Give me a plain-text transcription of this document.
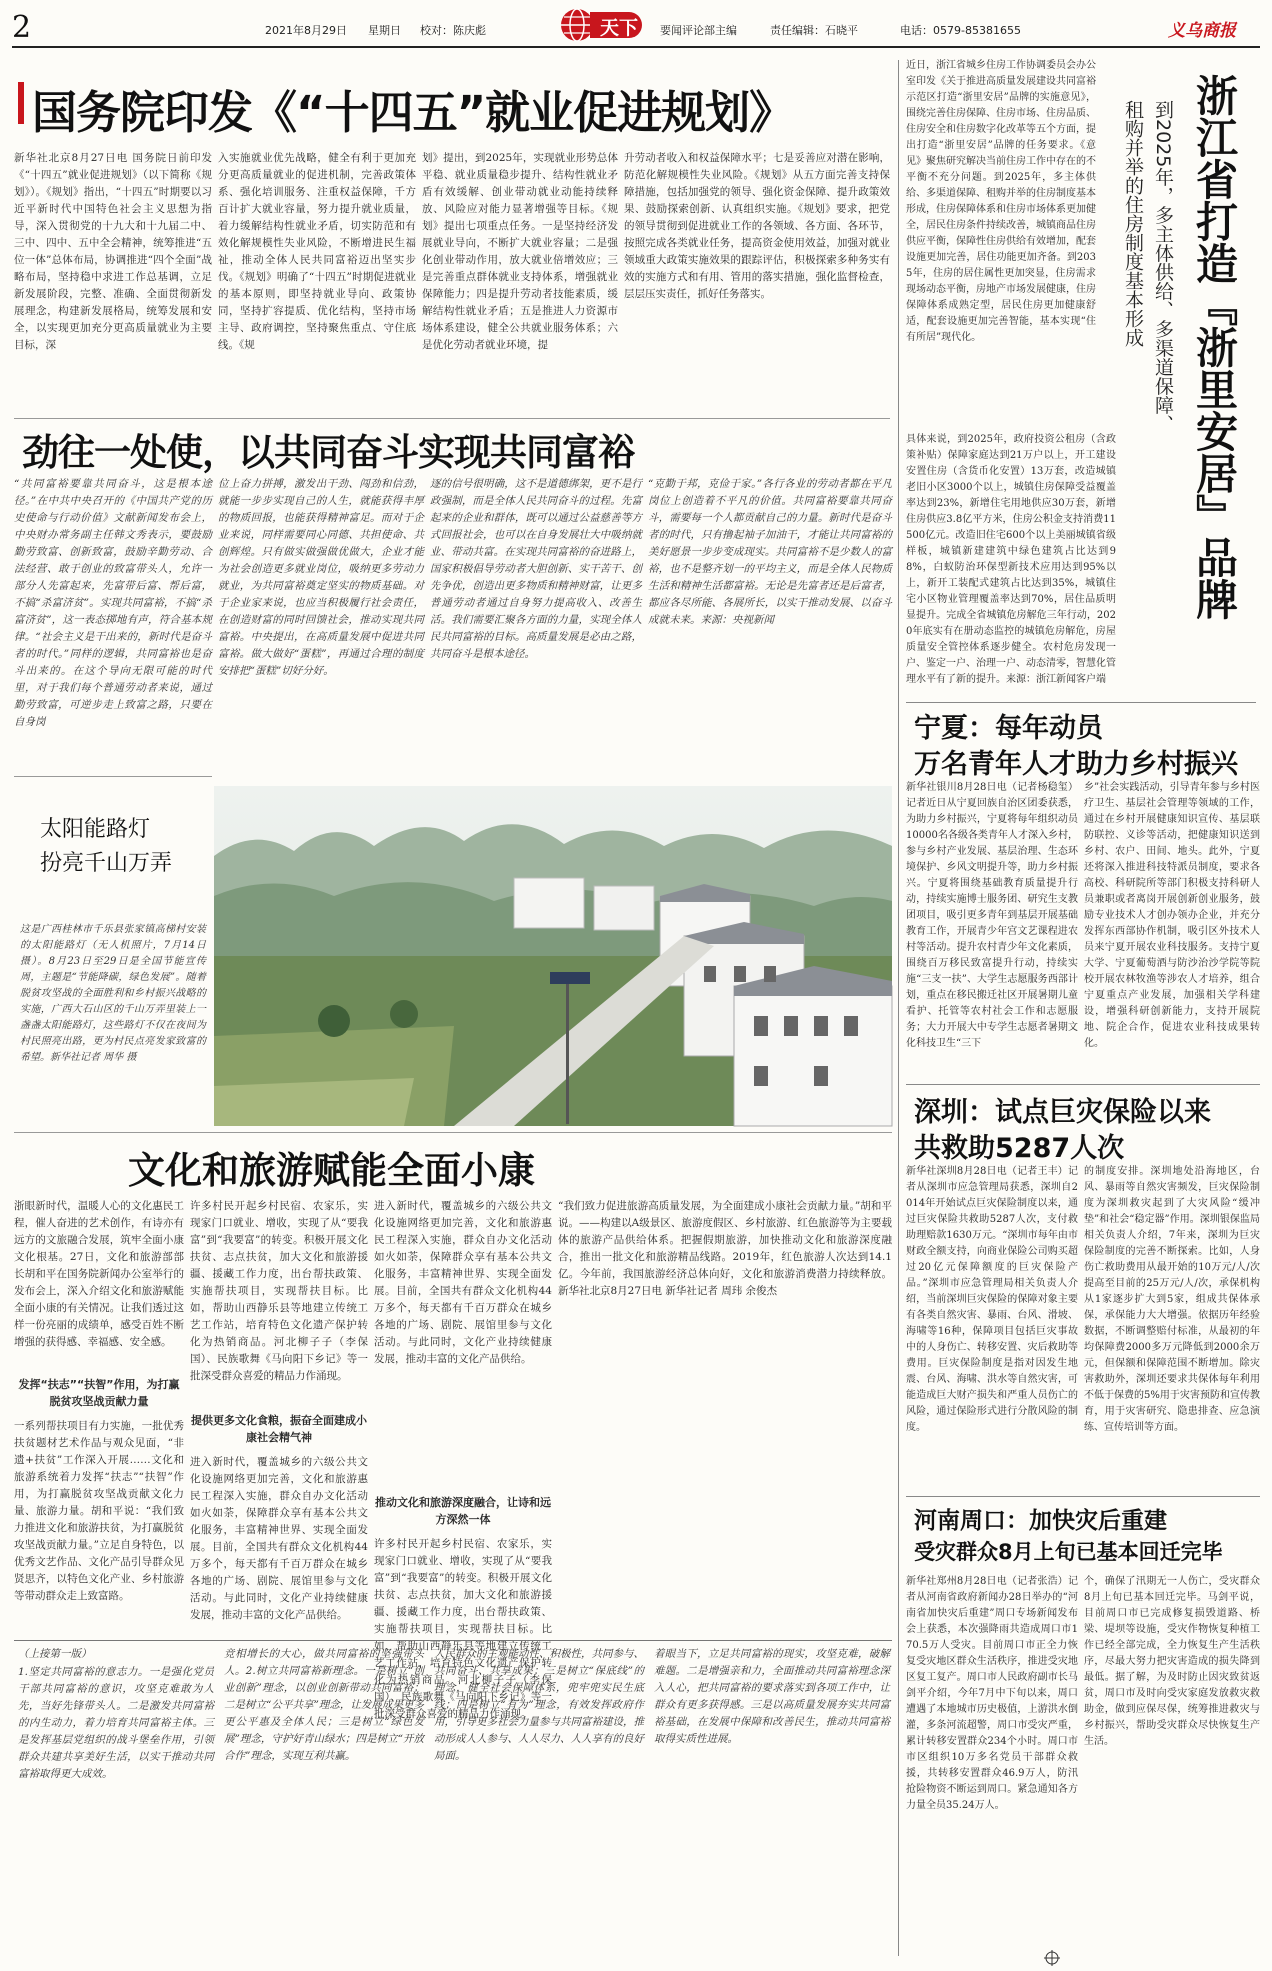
2	2021年8月29日 星期日 校对：陈庆彪	天下 要闻评论部主编	责任编辑：石晓平	电话：0579-85381655	义乌商报
国务院印发《“十四五”就业促进规划》
新华社北京8月27日电 国务院日前印发《“十四五”就业促进规划》（以下简称《规划》）。《规划》指出，“十四五”时期要以习近平新时代中国特色社会主义思想为指导，深入贯彻党的十九大和十九届二中、三中、四中、五中全会精神，统筹推进“五位一体”总体布局，协调推进“四个全面”战略布局，坚持稳中求进工作总基调，立足新发展阶段，完整、准确、全面贯彻新发展理念，构建新发展格局，统筹发展和安全，以实现更加充分更高质量就业为主要目标，深
入实施就业优先战略，健全有利于更加充分更高质量就业的促进机制，完善政策体系、强化培训服务、注重权益保障，千方百计扩大就业容量，努力提升就业质量，着力缓解结构性就业矛盾，切实防范和有效化解规模性失业风险，不断增进民生福祉，推动全体人民共同富裕迈出坚实步伐。《规划》明确了“十四五”时期促进就业的基本原则，即坚持就业导向、政策协同，坚持扩容提质、优化结构，坚持市场主导、政府调控，坚持聚焦重点、守住底线。《规
划》提出，到2025年，实现就业形势总体平稳、就业质量稳步提升、结构性就业矛盾有效缓解、创业带动就业动能持续释放、风险应对能力显著增强等目标。《规划》提出七项重点任务。一是坚持经济发展就业导向，不断扩大就业容量；二是强化创业带动作用，放大就业倍增效应；三是完善重点群体就业支持体系，增强就业保障能力；四是提升劳动者技能素质，缓解结构性就业矛盾；五是推进人力资源市场体系建设，健全公共就业服务体系；六是优化劳动者就业环境，提
升劳动者收入和权益保障水平；七是妥善应对潜在影响，防范化解规模性失业风险。《规划》从五方面完善支持保障措施，包括加强党的领导、强化资金保障、提升政策效果、鼓励探索创新、认真组织实施。《规划》要求，把党的领导贯彻到促进就业工作的各领域、各方面、各环节，按照完成各类就业任务，提高资金使用效益，加强对就业领域重大政策实施效果的跟踪评估，积极探索多种务实有效的实施方式和有用、管用的落实措施，强化监督检查，层层压实责任，抓好任务落实。
劲往一处使，以共同奋斗实现共同富裕
“共同富裕要靠共同奋斗，这是根本途径。”在中共中央召开的《中国共产党的历史使命与行动价值》文献新闻发布会上，中央财办常务副主任韩文秀表示，要鼓励勤劳致富、创新致富，鼓励辛勤劳动、合法经营、敢于创业的致富带头人，允许一部分人先富起来，先富带后富、帮后富，不搞“杀富济贫”。实现共同富裕，不搞“杀富济贫”，这一表态掷地有声，符合基本规律。“社会主义是干出来的，新时代是奋斗者的时代。”同样的逻辑，共同富裕也是奋斗出来的。在这个导向无限可能的时代里，对于我们每个普通劳动者来说，通过勤劳致富，可逆步走上致富之路，只要在自身岗
位上奋力拼搏，激发出干劲、闯劲和信劲，就能一步步实现自己的人生，就能获得丰厚的物质回报，也能获得精神富足。而对于企业来说，同样需要同心同德、共担使命、共创辉煌。只有做实做强做优做大，企业才能为社会创造更多就业岗位，吸纳更多劳动力就业，为共同富裕奠定坚实的物质基础。对于企业家来说，也应当积极履行社会责任，在创造财富的同时回馈社会，推动实现共同富裕。中央提出，在高质量发展中促进共同富裕。做大做好“蛋糕”，再通过合理的制度安排把“蛋糕”切好分好。
逐的信号很明确，这不是道德绑架，更不是行政强制，而是全体人民共同奋斗的过程。先富起来的企业和群体，既可以通过公益慈善等方式回报社会，也可以在自身发展壮大中吸纳就业、带动共富。在实现共同富裕的奋进路上，国家积极倡导劳动者大胆创新、实干苦干、创先争优，创造出更多物质和精神财富，让更多普通劳动者通过自身努力提高收入、改善生活。我们需要汇聚各方面的力量，实现全体人民共同富裕的目标。高质量发展是必由之路，共同奋斗是根本途径。
“克勤于邦，克俭于家。”各行各业的劳动者都在平凡岗位上创造着不平凡的价值。共同富裕要靠共同奋斗，需要每一个人都贡献自己的力量。新时代是奋斗者的时代，只有撸起袖子加油干，才能让共同富裕的美好愿景一步步变成现实。共同富裕不是少数人的富裕，也不是整齐划一的平均主义，而是全体人民物质生活和精神生活都富裕。无论是先富者还是后富者，都应各尽所能、各展所长，以实干推动发展、以奋斗成就未来。来源：央视新闻
太阳能路灯
扮亮千山万弄
这是广西桂林市千乐县张家镇高梯村安装的太阳能路灯（无人机照片，7月14日摄）。8月23日至29日是全国节能宣传周，主题是“节能降碳，绿色发展”。随着脱贫攻坚战的全面胜利和乡村振兴战略的实施，广西大石山区的千山万弄里装上一盏盏太阳能路灯，这些路灯不仅在夜间为村民照亮出路，更为村民点亮发家致富的希望。新华社记者 周华 摄
文化和旅游赋能全面小康
浙眼新时代，温暖人心的文化惠民工程，催人奋进的艺术创作，有诗亦有远方的文旅融合发展，筑牢全面小康文化根基。27日，文化和旅游部部长胡和平在国务院新闻办公室举行的发布会上，深入介绍文化和旅游赋能全面小康的有关情况。让我们透过这样一份亮丽的成绩单，感受百姓不断增强的获得感、幸福感、安全感。
发挥“扶志”“扶智”作用，为打赢脱贫攻坚战贡献力量
一系列帮扶项目有力实施，一批优秀扶贫题材艺术作品与观众见面，“非遗+扶贫”工作深入开展……文化和旅游系统着力发挥“扶志”“扶智”作用，为打赢脱贫攻坚战贡献文化力量、旅游力量。胡和平说：“我们致力推进文化和旅游扶贫，为打赢脱贫攻坚战贡献力量。”立足自身特色，以优秀文艺作品、文化产品引导群众见贤思齐，以特色文化产业、乡村旅游等带动群众走上致富路。
许多村民开起乡村民宿、农家乐，实现家门口就业、增收，实现了从“要我富”到“我要富”的转变。积极开展文化扶贫、志点扶贫，加大文化和旅游援疆、援藏工作力度，出台帮扶政策、实施帮扶项目，实现帮扶目标。比如，帮助山西静乐县等地建立传统工艺工作站，培育特色文化遗产保护转化为热销商品。河北柳子子（李保国）、民族歌舞《马向阳下乡记》等一批深受群众喜爱的精品力作涌现。
提供更多文化食粮，振奋全面建成小康社会精气神
进入新时代，覆盖城乡的六级公共文化设施网络更加完善，文化和旅游惠民工程深入实施，群众自办文化活动如火如荼，保障群众享有基本公共文化服务，丰富精神世界、实现全面发展。目前，全国共有群众文化机构44万多个，每天都有千百万群众在城乡各地的广场、剧院、展馆里参与文化活动。与此同时，文化产业持续健康发展，推动丰富的文化产品供给。
进入新时代，覆盖城乡的六级公共文化设施网络更加完善，文化和旅游惠民工程深入实施，群众自办文化活动如火如荼，保障群众享有基本公共文化服务，丰富精神世界、实现全面发展。目前，全国共有群众文化机构44万多个，每天都有千百万群众在城乡各地的广场、剧院、展馆里参与文化活动。与此同时，文化产业持续健康发展，推动丰富的文化产品供给。
推动文化和旅游深度融合，让诗和远方深然一体
许多村民开起乡村民宿、农家乐，实现家门口就业、增收，实现了从“要我富”到“我要富”的转变。积极开展文化扶贫、志点扶贫，加大文化和旅游援疆、援藏工作力度，出台帮扶政策、实施帮扶项目，实现帮扶目标。比如，帮助山西静乐县等地建立传统工艺工作站，培育特色文化遗产保护转化为热销商品。河北柳子子（李保国）、民族歌舞《马向阳下乡记》等一批深受群众喜爱的精品力作涌现。
“我们致力促进旅游高质量发展，为全面建成小康社会贡献力量。”胡和平说。——构建以A级景区、旅游度假区、乡村旅游、红色旅游等为主要载体的旅游产品供给体系。把握假期旅游，加快推动文化和旅游深度融合，推出一批文化和旅游精品线路。2019年，红色旅游人次达到14.1亿。今年前，我国旅游经济总体向好，文化和旅游消费潜力持续释放。新华社北京8月27日电 新华社记者 周玮 余俊杰
（上接第一版）
1.坚定共同富裕的意志力。一是强化党员干部共同富裕的意识，攻坚克难敢为人先，当好先锋带头人。二是激发共同富裕的内生动力，着力培育共同富裕主体。三是发挥基层党组织的战斗堡垒作用，引领群众共建共享美好生活，以实干推动共同富裕取得更大成效。
竞相增长的大心，做共同富裕的坚强带头人。2.树立共同富裕新理念。一是树立“创业创新”理念，以创业创新带动共同富裕；二是树立“公平共享”理念，让发展成果更多更公平惠及全体人民；三是树立“绿色发展”理念，守护好青山绿水；四是树立“开放合作”理念，实现互利共赢。
人民群众的主观能动性、积极性，共同参与、共同奋斗、共享成果；三是树立“保底线”的理念，健全社会保障体系，兜牢兜实民生底线；四是树立“有为”理念，有效发挥政府作用，引导更多社会力量参与共同富裕建设，推动形成人人参与、人人尽力、人人享有的良好局面。
着眼当下，立足共同富裕的现实，攻坚克难，破解难题。二是增强亲和力，全面推动共同富裕理念深入人心，把共同富裕的要求落实到各项工作中，让群众有更多获得感。三是以高质量发展夯实共同富裕基础，在发展中保障和改善民生，推动共同富裕取得实质性进展。
近日，浙江省城乡住房工作协调委员会办公室印发《关于推进高质量发展建设共同富裕示范区打造“浙里安居”品牌的实施意见》，围绕完善住房保障、住房市场、住房品质、住房安全和住房数字化改革等五个方面，提出打造“浙里安居”品牌的任务要求。《意见》聚焦研究解决当前住房工作中存在的不平衡不充分问题。到2025年，多主体供给、多渠道保障、租购并举的住房制度基本形成，住房保障体系和住房市场体系更加健全，居民住房条件持续改善，城镇商品住房供应平衡，保障性住房供给有效增加，配套设施更加完善，居住功能更加齐备。到2035年，住房的居住属性更加突显，住房需求现场动态平衡，房地产市场发展健康，住房保障体系成熟定型，居民住房更加健康舒适，配套设施更加完善智能，基本实现“住有所居”现代化。
具体来说，到2025年，政府投资公租房（含政策补贴）保障家庭达到21万户以上，开工建设安置住房（含货币化安置）13万套，改造城镇老旧小区3000个以上，城镇住房保障受益覆盖率达到23%，新增住宅用地供应30万套，新增住房供应3.8亿平方米，住房公积金支持消费11500亿元。改造旧住宅600个以上美丽城镇省级样板，城镇新建建筑中绿色建筑占比达到98%，白蚁防治环保型新技术应用达到95%以上，新开工装配式建筑占比达到35%，城镇住宅小区物业管理覆盖率达到70%，居住品质明显提升。完成全省城镇危房解危三年行动，2020年底实有在册动态监控的城镇危房解危，房屋质量安全管控体系逐步健全。农村危房发现一户、鉴定一户、治理一户、动态清零，智慧化管理水平有了新的提升。来源：浙江新闻客户端
到2025年，多主体供给、多渠道保障、
租购并举的住房制度基本形成	浙江省打造『浙里安居』品牌
宁夏：每年动员
万名青年人才助力乡村振兴
新华社银川8月28日电（记者杨稳玺）记者近日从宁夏回族自治区团委获悉，为助力乡村振兴，宁夏将每年组织动员10000名各级各类青年人才深入乡村，参与乡村产业发展、基层治理、生态环境保护、乡风文明提升等，助力乡村振兴。宁夏将围绕基础教育质量提升行动，持续实施博士服务团、研究生支教团项目，吸引更多青年到基层开展基础教育工作，开展青少年宫文艺课程进农村等活动。提升农村青少年文化素质，围绕百万移民致富提升行动，持续实施“三支一扶”、大学生志愿服务西部计划，重点在移民搬迁社区开展暑期儿童看护、托管等农村社会工作和志愿服务；大力开展大中专学生志愿者暑期文化科技卫生“三下
乡”社会实践活动，引导青年参与乡村医疗卫生、基层社会管理等领域的工作，通过在乡村开展健康知识宣传、基层联防联控、义诊等活动，把健康知识送到乡村、农户、田间、地头。此外，宁夏还将深入推进科技特派员制度，要求各高校、科研院所等部门积极支持科研人员兼职或者离岗开展创新创业服务，鼓励专业技术人才创办领办企业，并充分发挥东西部协作机制，吸引区外技术人员来宁夏开展农业科技服务。支持宁夏大学、宁夏葡萄酒与防沙治沙学院等院校开展农林牧渔等涉农人才培养，组合宁夏重点产业发展，加强相关学科建设，增强科研创新能力，支持开展院地、院企合作，促进农业科技成果转化。
深圳：试点巨灾保险以来
共救助5287人次
新华社深圳8月28日电（记者王丰）记者从深圳市应急管理局获悉，深圳自2014年开始试点巨灾保险制度以来，通过巨灾保险共救助5287人次，支付救助理赔款1630万元。“深圳市每年由市财政全额支持，向商业保险公司购买超过20亿元保障额度的巨灾保险产品。”深圳市应急管理局相关负责人介绍，当前深圳巨灾保险的保障对象主要有各类自然灾害、暴雨、台风、滑坡、海啸等16种，保障项目包括巨灾事故中的人身伤亡、转移安置、灾后救助等费用。巨灾保险制度是指对因发生地震、台风、海啸、洪水等自然灾害，可能造成巨大财产损失和严重人员伤亡的风险，通过保险形式进行分散风险的制度。
的制度安排。深圳地处沿海地区，台风、暴雨等自然灾害频发，巨灾保险制度为深圳救灾起到了大灾风险“缓冲垫”和社会“稳定器”作用。深圳银保监局相关负责人介绍，7年来，深圳为巨灾保险制度的完善不断探索。比如，人身伤亡救助费用从最开始的10万元/人/次提高至目前的25万元/人/次，承保机构从1家逐步扩大到5家，组成共保体承保，承保能力大大增强。依据历年经验数据，不断调整赔付标准，从最初的年均保障费2000多万元降低到2000余万元，但保额和保障范围不断增加。除灾害救助外，深圳还要求共保体每年利用不低于保费的5%用于灾害预防和宣传教育，用于灾害研究、隐患排查、应急演练、宣传培训等方面。
河南周口：加快灾后重建
受灾群众8月上旬已基本回迁完毕
新华社郑州8月28日电（记者张浩）记者从河南省政府新闻办28日举办的“河南省加快灾后重建”周口专场新闻发布会上获悉，本次强降雨共造成周口市170.5万人受灾。目前周口市正全力恢复受灾地区群众生活秩序，推进受灾地区复工复产。周口市人民政府副市长马剑平介绍，今年7月中下旬以来，周口遭遇了本地城市历史极值，上游洪水倒灌，多条河流超警，周口市受灾严重，累计转移安置群众234个小时。周口市市区组织10万多名党员干部群众救援，共转移安置群众46.9万人，防汛抢险物资不断运到周口。紧急通知各方力量全员35.24万人。
个，确保了汛期无一人伤亡，受灾群众8月上旬已基本回迁完毕。马剑平说，目前周口市已完成修复损毁道路、桥梁、堤坝等设施，受灾作物恢复种植工作已经全部完成，全力恢复生产生活秩序，尽最大努力把灾害造成的损失降到最低。据了解，为及时防止因灾致贫返贫，周口市及时向受灾家庭发放救灾救助金，做到应保尽保，统筹推进救灾与乡村振兴，帮助受灾群众尽快恢复生产生活。
